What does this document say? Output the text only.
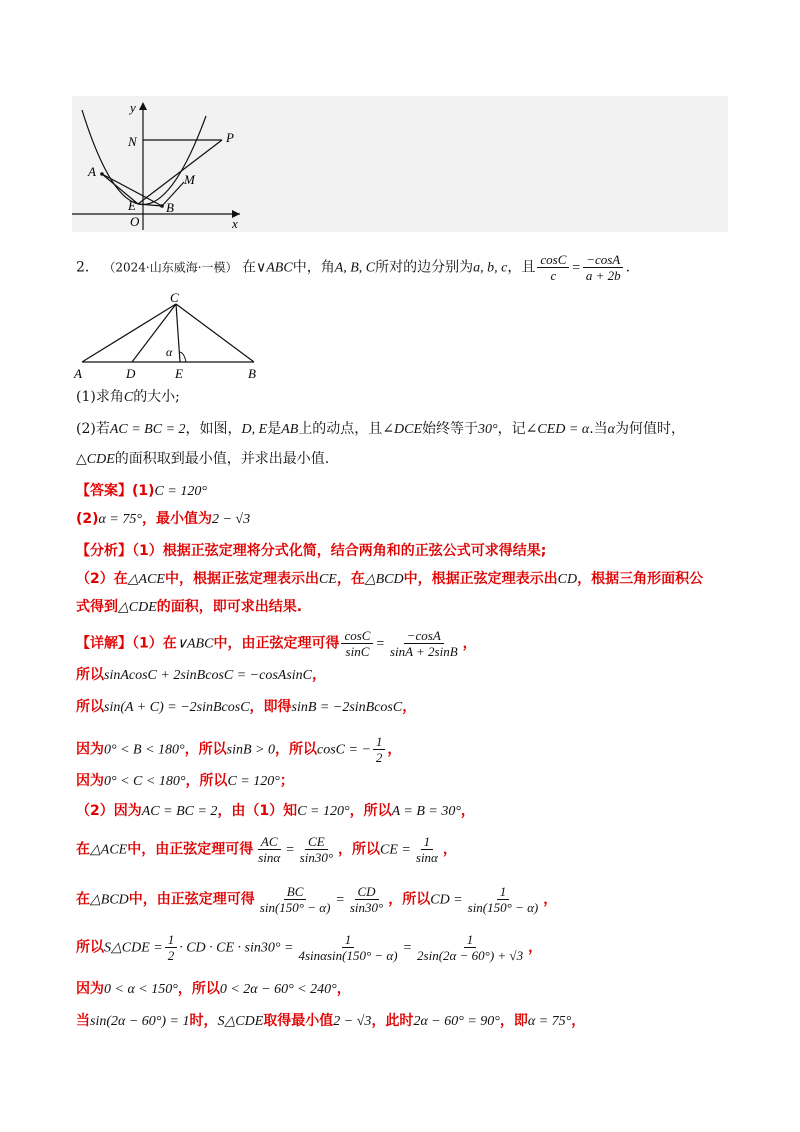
y
x
N	P
A
M
E B
O
2． （2024·山东威海·一模） 在∨ABC中，角A, B, C所对的边分别为a, b, c，且 $\frac{\cos C}{c} = \frac{-\cos A}{a + 2b}$ .
C
A	D	E	B
α
(1)求角C的大小;
(2)若AC = BC = 2，如图，D, E是AB上的动点，且∠DCE始终等于30°，记∠CED = α.当α为何值时，
△CDE的面积取到最小值，并求出最小值.
【答案】(1)C = 120°
(2)α = 75°，最小值为2 − √3
【分析】（1）根据正弦定理将分式化简，结合两角和的正弦公式可求得结果;
（2）在△ACE中，根据正弦定理表示出CE，在△BCD中，根据正弦定理表示出CD，根据三角形面积公
式得到△CDE的面积，即可求出结果.
【详解】（1）在∨ABC中，由正弦定理可得 $\frac{\cos C}{\sin C} = \frac{-\cos A}{\sin A + 2\sin B}$ ，
所以sinAcosC + 2sinBcosC = −cosAsinC，
所以sin(A + C) = −2sinBcosC，即得sinB = −2sinBcosC，
因为0° < B < 180°，所以sinB > 0，所以cosC = − $\frac{1}{2}$ ，
因为0° < C < 180°，所以C = 120°；
（2）因为AC = BC = 2，由（1）知C = 120°，所以A = B = 30°，
在△ACE中，由正弦定理可得 $\frac{AC}{\sin\alpha} = \frac{CE}{\sin 30^\circ}$ ，所以CE = $\frac{1}{\sin\alpha}$ ，
在△BCD中，由正弦定理可得 $\frac{BC}{\sin(150^\circ - \alpha)} = \frac{CD}{\sin 30^\circ}$ ，所以CD = $\frac{1}{\sin(150^\circ - \alpha)}$ ，
所以S△CDE = $\frac{1}{2}$ · CD · CE · $\sin 30^\circ = \frac{1}{4\sin\alpha\sin(150^\circ - \alpha)} = \frac{1}{2\sin(2\alpha - 60^\circ) + √3}$ ，
因为0 < α < 150°，所以0 < 2α − 60° < 240°，
当sin(2α − 60°) = 1时，S△CDE取得最小值2 − √3，此时2α − 60° = 90°，即α = 75°，
